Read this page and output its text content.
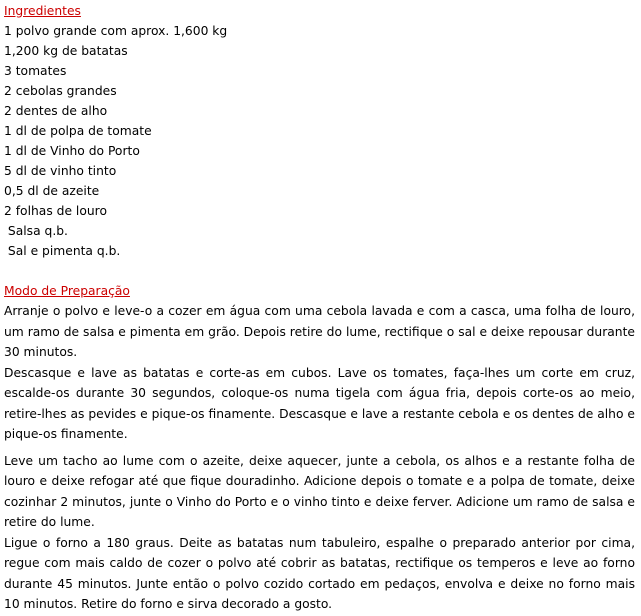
Ingredientes
1 polvo grande com aprox. 1,600 kg
1,200 kg de batatas
3 tomates
2 cebolas grandes
2 dentes de alho
1 dl de polpa de tomate
1 dl de Vinho do Porto
5 dl de vinho tinto
0,5 dl de azeite
2 folhas de louro
Salsa q.b.
Sal e pimenta q.b.
Modo de Preparação

Arranje o polvo e leve-o a cozer em água com uma cebola lavada e com a casca, uma folha de louro, um ramo de salsa e pimenta em grão. Depois retire do lume, rectifique o sal e deixe repousar durante 30 minutos.

Descasque e lave as batatas e corte-as em cubos. Lave os tomates, faça-lhes um corte em cruz, escalde-os durante 30 segundos, coloque-os numa tigela com água fria, depois corte-os ao meio, retire-lhes as pevides e pique-os finamente. Descasque e lave a restante cebola e os dentes de alho e pique-os finamente.

Leve um tacho ao lume com o azeite, deixe aquecer, junte a cebola, os alhos e a restante folha de louro e deixe refogar até que fique douradinho. Adicione depois o tomate e a polpa de tomate, deixe cozinhar 2 minutos, junte o Vinho do Porto e o vinho tinto e deixe ferver. Adicione um ramo de salsa e retire do lume.

Ligue o forno a 180 graus. Deite as batatas num tabuleiro, espalhe o preparado anterior por cima, regue com mais caldo de cozer o polvo até cobrir as batatas, rectifique os temperos e leve ao forno durante 45 minutos. Junte então o polvo cozido cortado em pedaços, envolva e deixe no forno mais 10 minutos. Retire do forno e sirva decorado a gosto.
